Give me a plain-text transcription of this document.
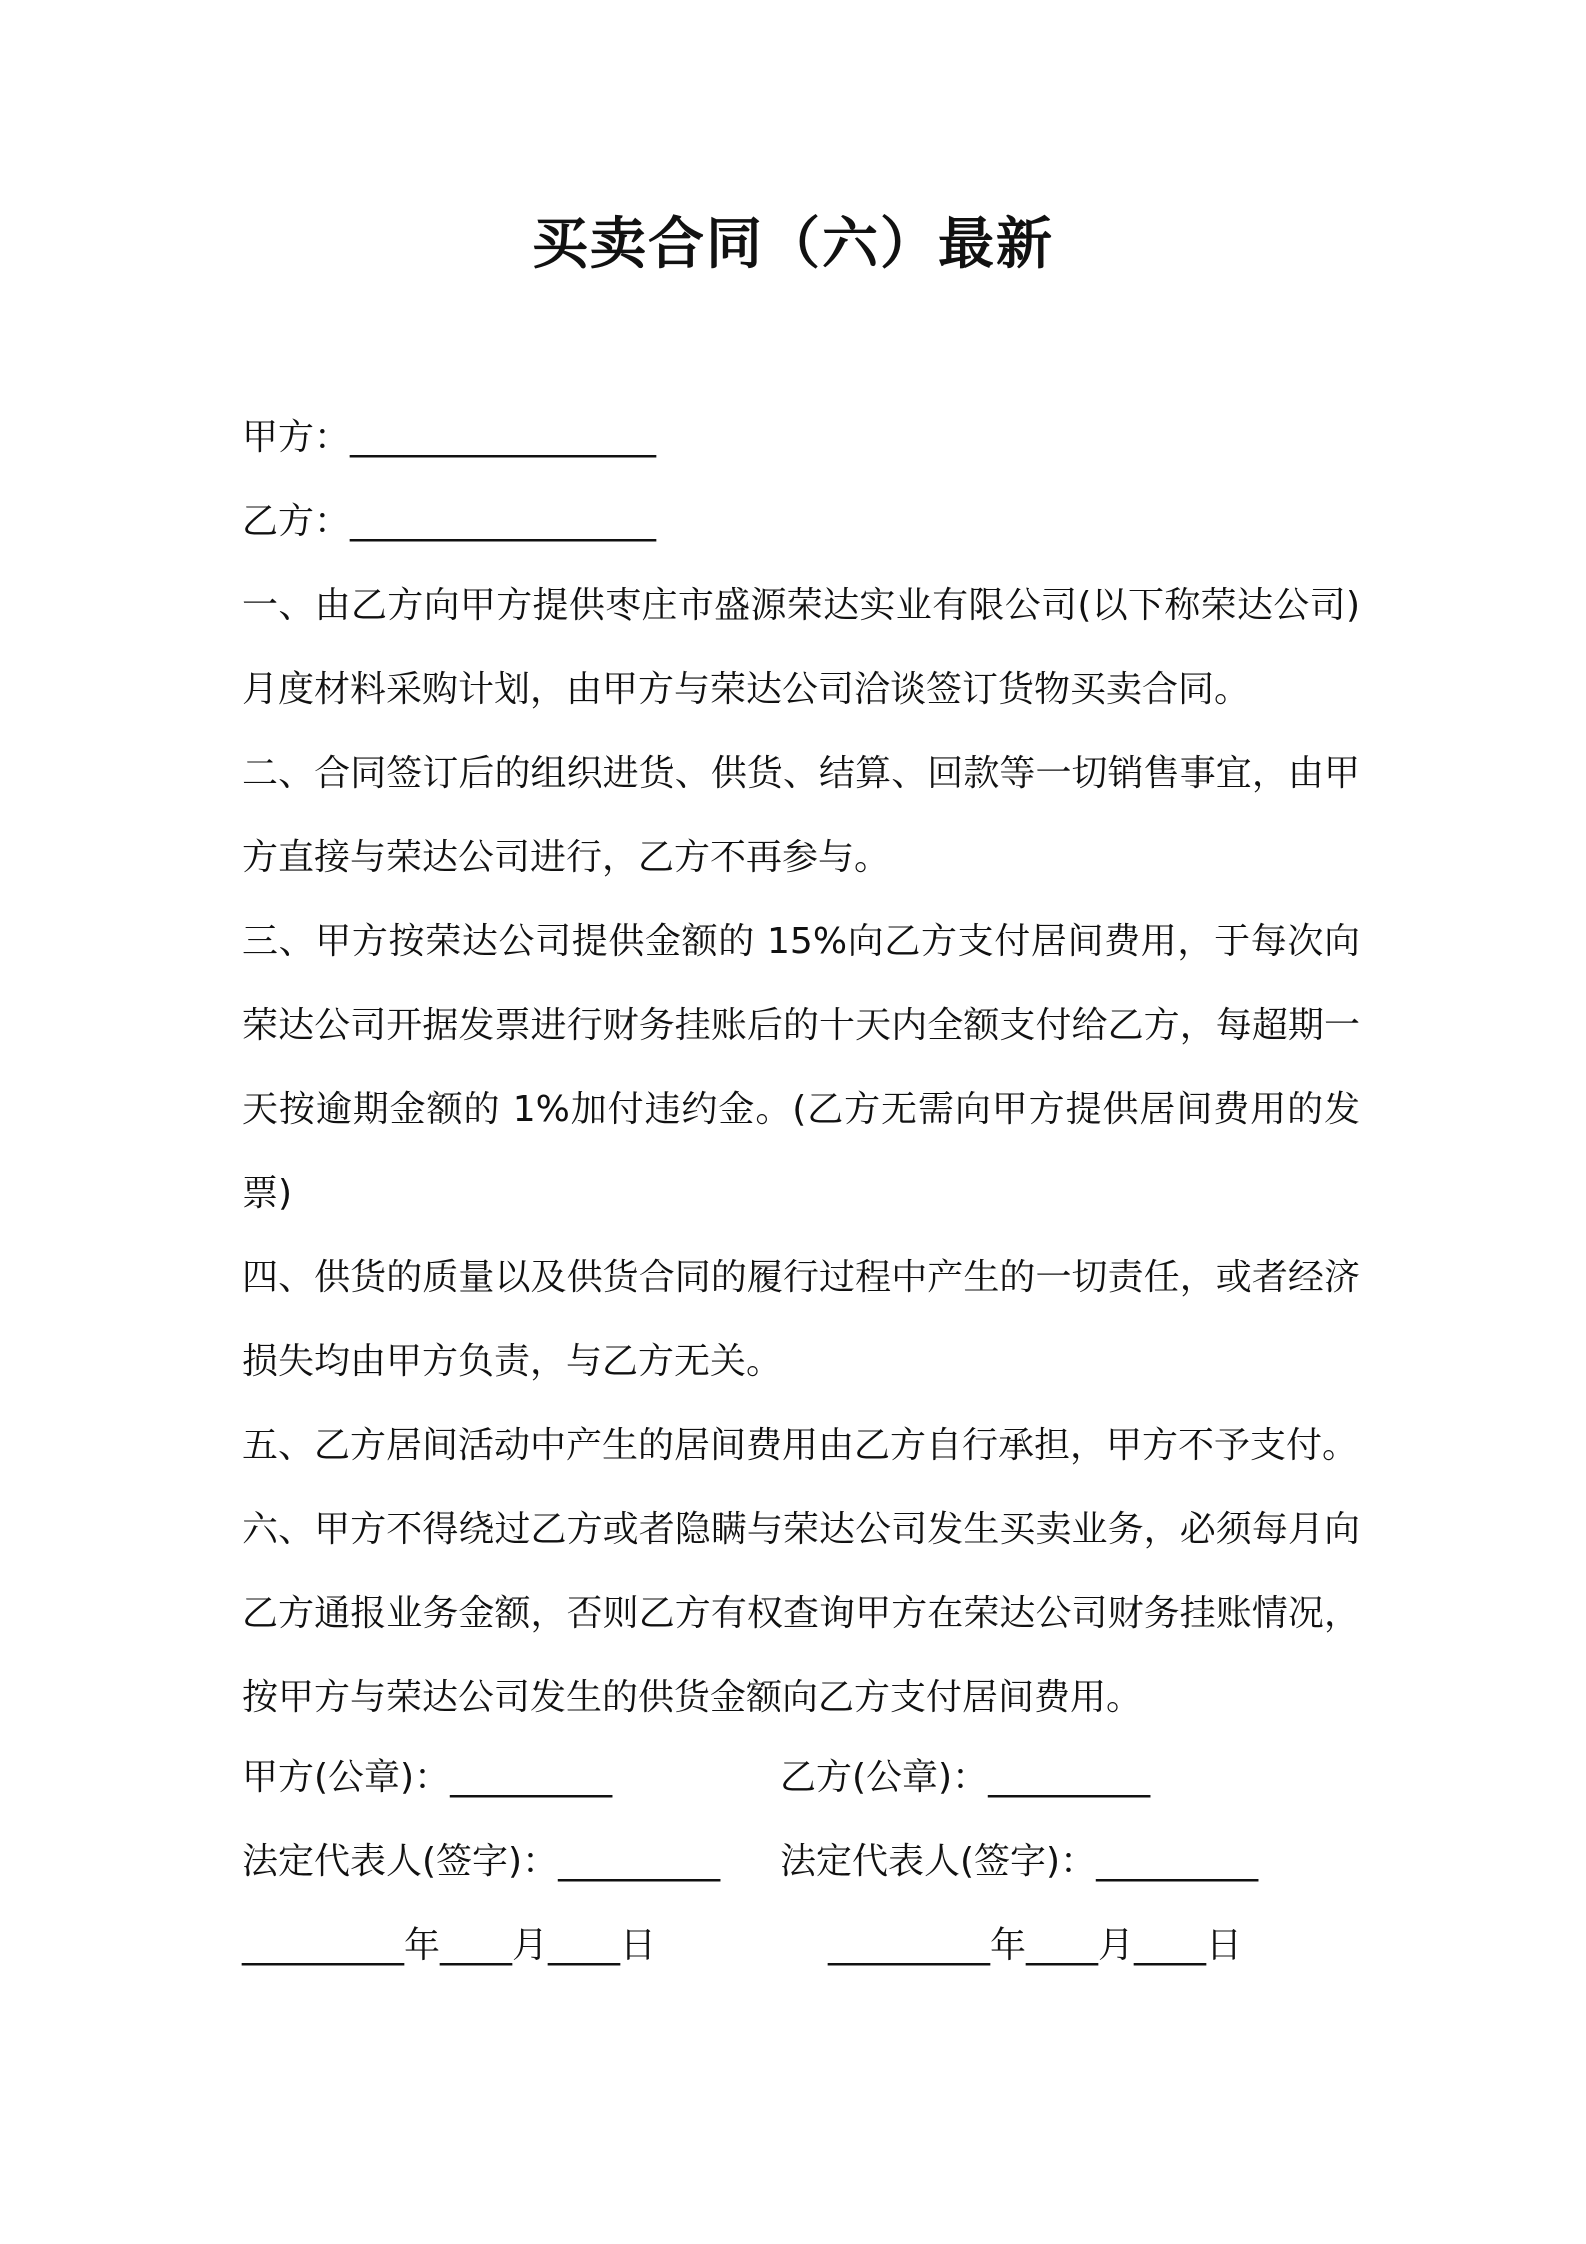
买卖合同（六）最新
甲方：_________________
乙方：_________________
一、由乙方向甲方提供枣庄市盛源荣达实业有限公司(以下称荣达公司)月度材料采购计划，由甲方与荣达公司洽谈签订货物买卖合同。
二、合同签订后的组织进货、供货、结算、回款等一切销售事宜，由甲方直接与荣达公司进行，乙方不再参与。
三、甲方按荣达公司提供金额的 15%向乙方支付居间费用，于每次向荣达公司开据发票进行财务挂账后的十天内全额支付给乙方，每超期一天按逾期金额的 1%加付违约金。(乙方无需向甲方提供居间费用的发票)
四、供货的质量以及供货合同的履行过程中产生的一切责任，或者经济损失均由甲方负责，与乙方无关。
五、乙方居间活动中产生的居间费用由乙方自行承担，甲方不予支付。
六、甲方不得绕过乙方或者隐瞒与荣达公司发生买卖业务，必须每月向乙方通报业务金额，否则乙方有权查询甲方在荣达公司财务挂账情况，按甲方与荣达公司发生的供货金额向乙方支付居间费用。
甲方(公章)：_________	乙方(公章)：_________
法定代表人(签字)：_________ 法定代表人(签字)：_________
_________年____月____日	_________年____月____日
